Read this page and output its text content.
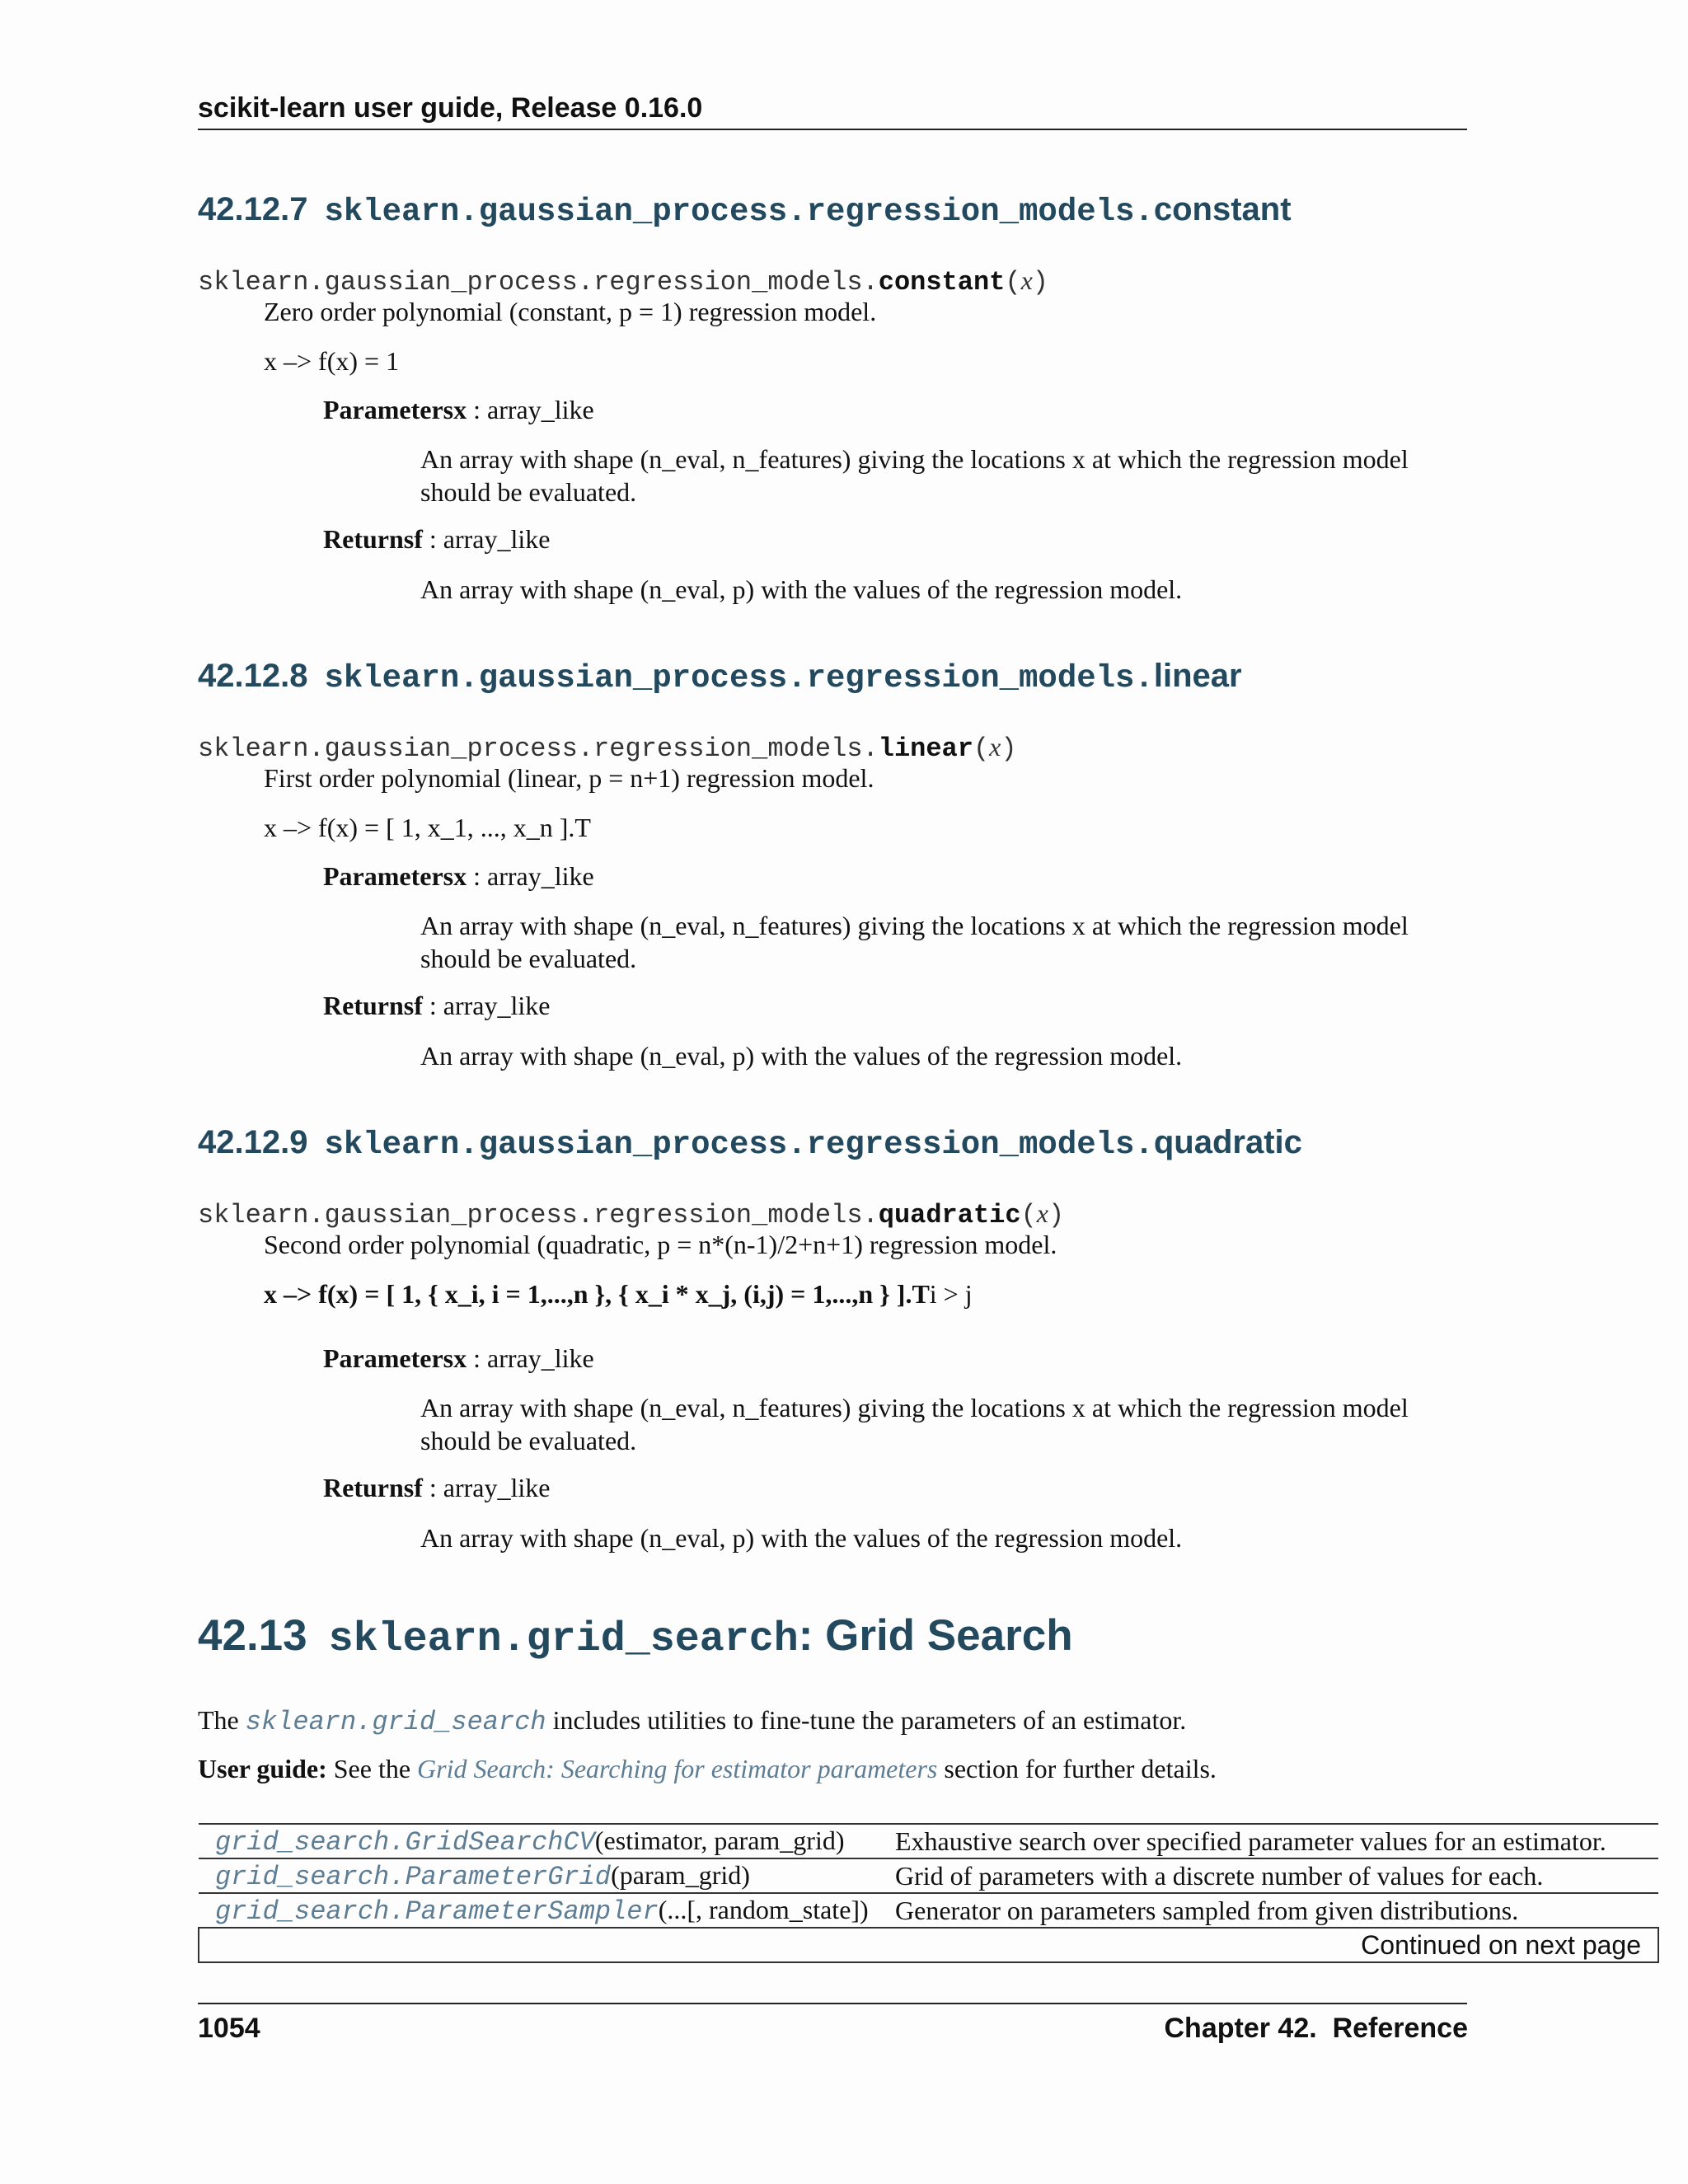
scikit-learn user guide, Release 0.16.0
42.12.7 sklearn.gaussian_process.regression_models.constant
sklearn.gaussian_process.regression_models.constant(x)
Zero order polynomial (constant, p = 1) regression model.
x –> f(x) = 1
Parametersx : array_like
An array with shape (n_eval, n_features) giving the locations x at which the regression model should be evaluated.
Returnsf : array_like
An array with shape (n_eval, p) with the values of the regression model.
42.12.8 sklearn.gaussian_process.regression_models.linear
sklearn.gaussian_process.regression_models.linear(x)
First order polynomial (linear, p = n+1) regression model.
x –> f(x) = [ 1, x_1, ..., x_n ].T
Parametersx : array_like
An array with shape (n_eval, n_features) giving the locations x at which the regression model should be evaluated.
Returnsf : array_like
An array with shape (n_eval, p) with the values of the regression model.
42.12.9 sklearn.gaussian_process.regression_models.quadratic
sklearn.gaussian_process.regression_models.quadratic(x)
Second order polynomial (quadratic, p = n*(n-1)/2+n+1) regression model.
x –> f(x) = [ 1, { x_i, i = 1,...,n }, { x_i * x_j, (i,j) = 1,...,n } ].Ti > j
Parametersx : array_like
An array with shape (n_eval, n_features) giving the locations x at which the regression model should be evaluated.
Returnsf : array_like
An array with shape (n_eval, p) with the values of the regression model.
42.13 sklearn.grid_search: Grid Search
The sklearn.grid_search includes utilities to fine-tune the parameters of an estimator.
User guide: See the Grid Search: Searching for estimator parameters section for further details.
grid_search.GridSearchCV(estimator, param_grid)	Exhaustive search over specified parameter values for an estimator.
grid_search.ParameterGrid(param_grid)	Grid of parameters with a discrete number of values for each.
grid_search.ParameterSampler(...[, random_state])	Generator on parameters sampled from given distributions.
Continued on next page	
1054	Chapter 42.  Reference
